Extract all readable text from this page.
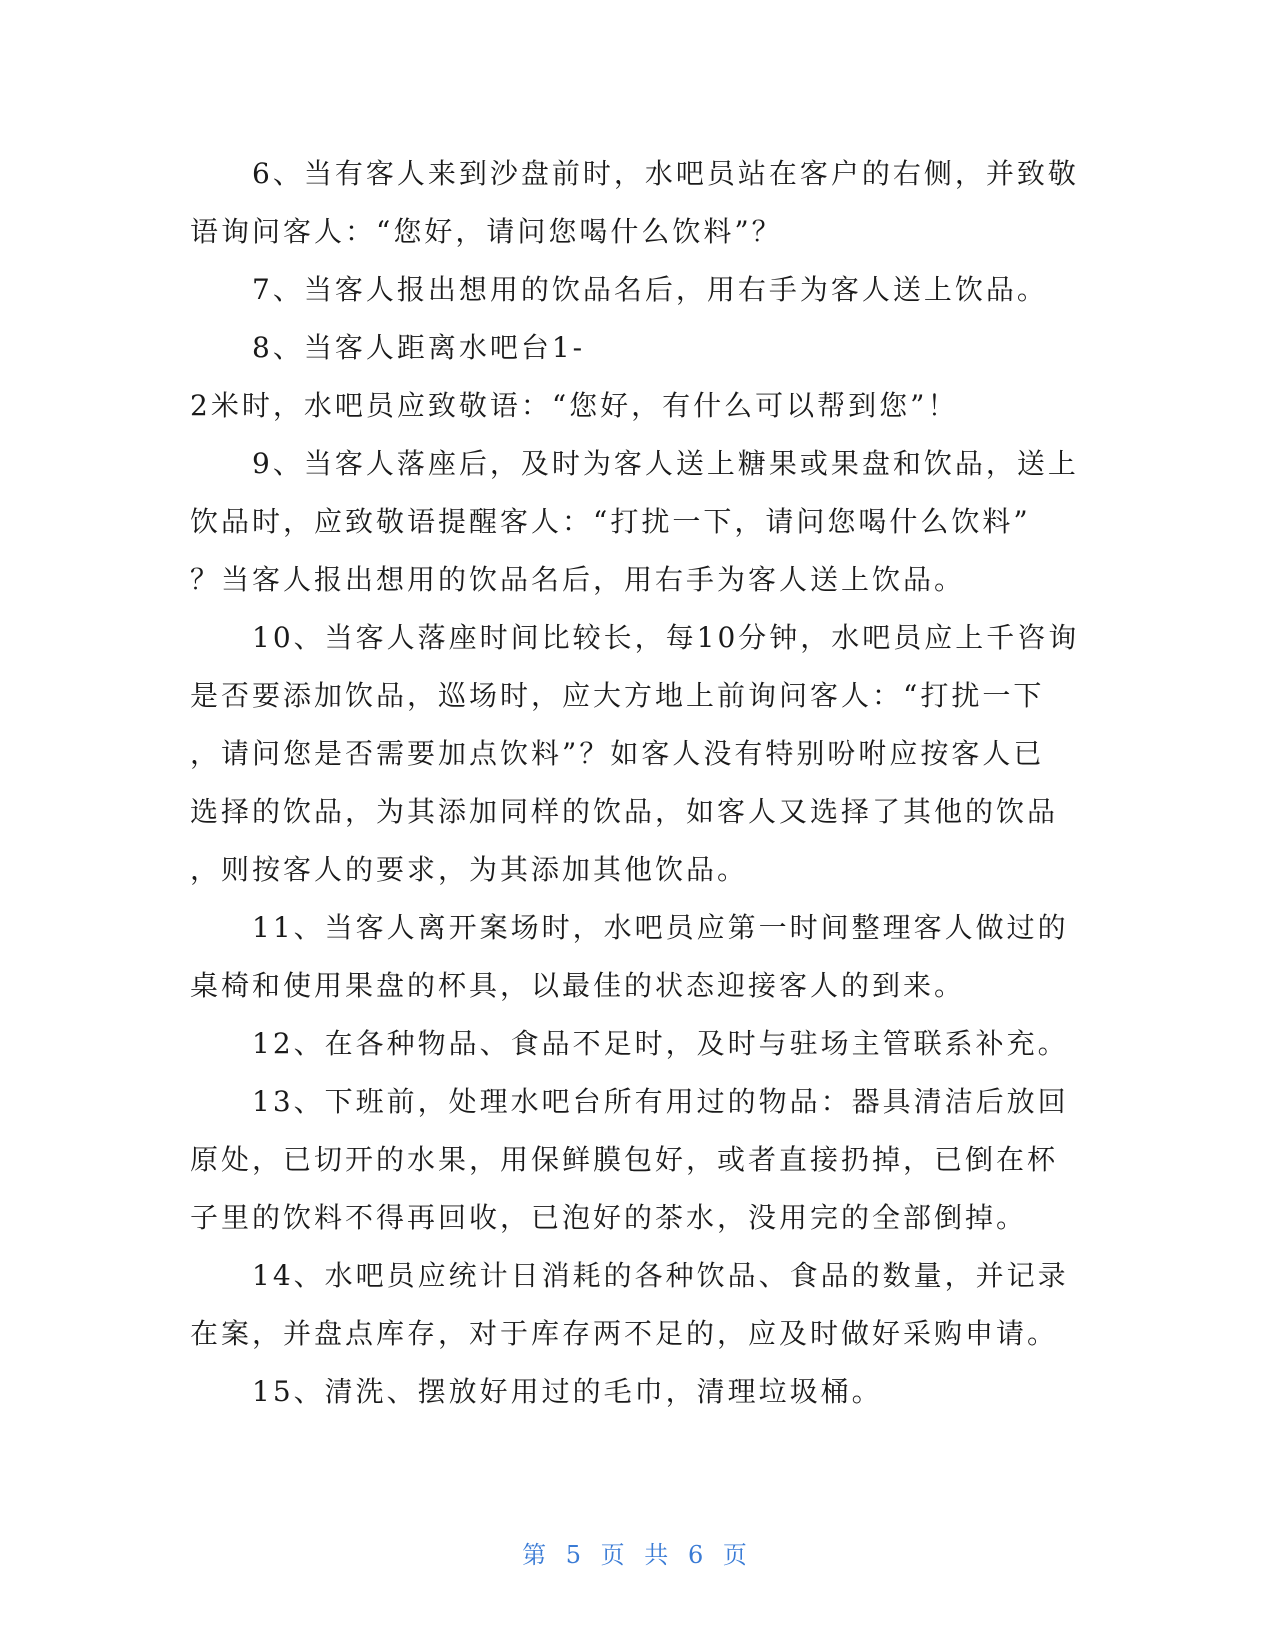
6、当有客人来到沙盘前时，水吧员站在客户的右侧，并致敬
语询问客人：“您好，请问您喝什么饮料”？
7、当客人报出想用的饮品名后，用右手为客人送上饮品。
8、当客人距离水吧台1-
2米时，水吧员应致敬语：“您好，有什么可以帮到您”！
9、当客人落座后，及时为客人送上糖果或果盘和饮品，送上
饮品时，应致敬语提醒客人：“打扰一下，请问您喝什么饮料”
？当客人报出想用的饮品名后，用右手为客人送上饮品。
10、当客人落座时间比较长，每10分钟，水吧员应上千咨询
是否要添加饮品，巡场时，应大方地上前询问客人：“打扰一下
，请问您是否需要加点饮料”？如客人没有特别吩咐应按客人已
选择的饮品，为其添加同样的饮品，如客人又选择了其他的饮品
，则按客人的要求，为其添加其他饮品。
11、当客人离开案场时，水吧员应第一时间整理客人做过的
桌椅和使用果盘的杯具，以最佳的状态迎接客人的到来。
12、在各种物品、食品不足时，及时与驻场主管联系补充。
13、下班前，处理水吧台所有用过的物品：器具清洁后放回
原处，已切开的水果，用保鲜膜包好，或者直接扔掉，已倒在杯
子里的饮料不得再回收，已泡好的茶水，没用完的全部倒掉。
14、水吧员应统计日消耗的各种饮品、食品的数量，并记录
在案，并盘点库存，对于库存两不足的，应及时做好采购申请。
15、清洗、摆放好用过的毛巾，清理垃圾桶。
第 5 页 共 6 页
